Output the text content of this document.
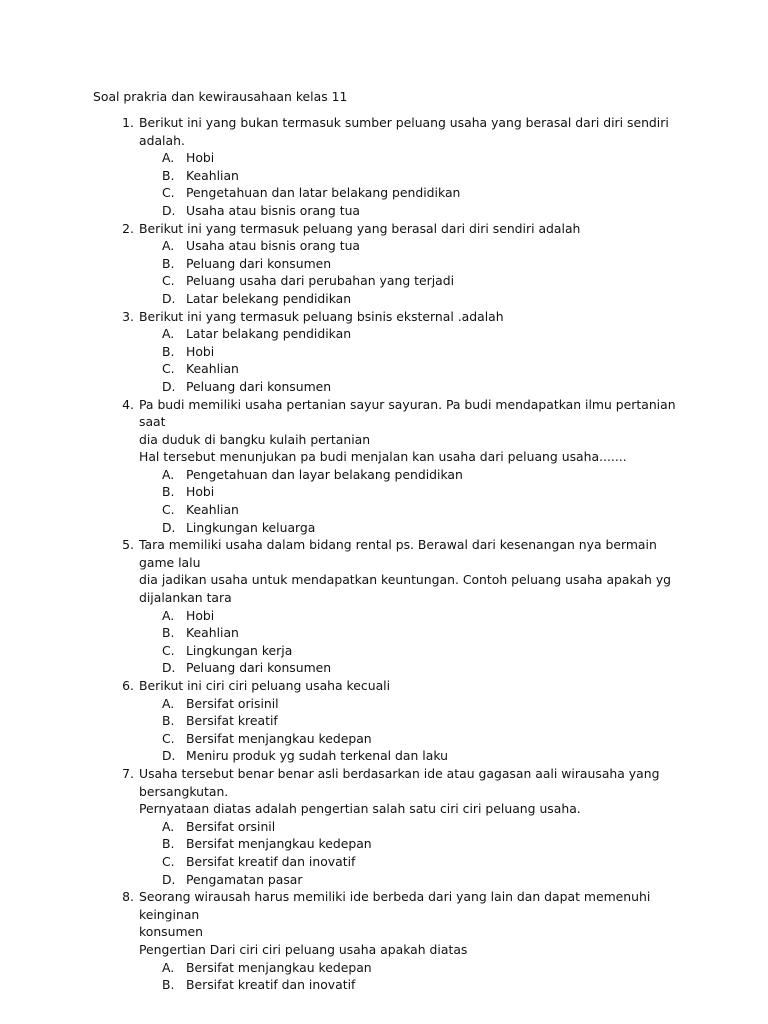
Soal prakria dan kewirausahaan kelas 11
1. Berikut ini yang bukan termasuk sumber peluang usaha yang berasal dari diri sendiri adalah.
A. Hobi
B. Keahlian
C. Pengetahuan dan latar belakang pendidikan
D. Usaha atau bisnis orang tua
2. Berikut ini yang termasuk peluang yang berasal dari diri sendiri adalah
A. Usaha atau bisnis orang tua
B. Peluang dari konsumen
C. Peluang usaha dari perubahan yang terjadi
D. Latar belekang pendidikan
3. Berikut ini yang termasuk peluang bsinis eksternal .adalah
A. Latar belakang pendidikan
B. Hobi
C. Keahlian
D. Peluang dari konsumen
4. Pa budi memiliki usaha pertanian sayur sayuran. Pa budi mendapatkan ilmu pertanian saat
dia duduk di bangku kulaih pertanian
Hal tersebut menunjukan pa budi menjalan kan usaha dari peluang usaha.......
A. Pengetahuan dan layar belakang pendidikan
B. Hobi
C. Keahlian
D. Lingkungan keluarga
5. Tara memiliki usaha dalam bidang rental ps. Berawal dari kesenangan nya bermain game lalu
dia jadikan usaha untuk mendapatkan keuntungan. Contoh peluang usaha apakah yg
dijalankan tara
A. Hobi
B. Keahlian
C. Lingkungan kerja
D. Peluang dari konsumen
6. Berikut ini ciri ciri peluang usaha kecuali
A. Bersifat orisinil
B. Bersifat kreatif
C. Bersifat menjangkau kedepan
D. Meniru produk yg sudah terkenal dan laku
7. Usaha tersebut benar benar asli berdasarkan ide atau gagasan aali wirausaha yang
bersangkutan.
Pernyataan diatas adalah pengertian salah satu ciri ciri peluang usaha.
A. Bersifat orsinil
B. Bersifat menjangkau kedepan
C. Bersifat kreatif dan inovatif
D. Pengamatan pasar
8. Seorang wirausah harus memiliki ide berbeda dari yang lain dan dapat memenuhi keinginan
konsumen
Pengertian Dari ciri ciri peluang usaha apakah diatas
A. Bersifat menjangkau kedepan
B. Bersifat kreatif dan inovatif
